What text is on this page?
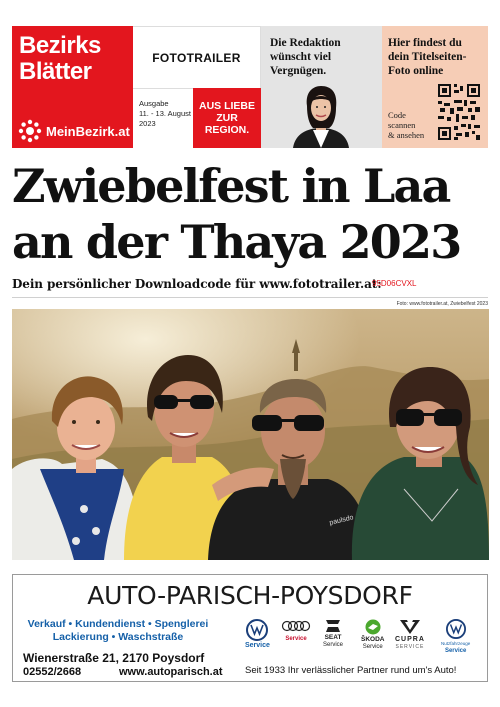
Bezirks
Blätter
MeinBezirk.at
FOTOTRAILER
Ausgabe
11. - 13. August
2023
AUS LIEBE
ZUR
REGION.
Die Redaktion
wünscht viel
Vergnügen.
Hier findest du
dein Titelseiten-
Foto online
Code
scannen
& ansehen
Zwiebelfest in Laa
an der Thaya 2023
Dein persönlicher Downloadcode für www.fototrailer.at:
95D06CVXL
Foto: www.fototrailer.at, Zwiebelfest 2023
paulsdo
AUTO-PARISCH-POYSDORF
Verkauf • Kundendienst • Spenglerei
Lackierung • Waschstraße
Wienerstraße 21, 2170 Poysdorf
02552/2668	www.autoparisch.at Seit 1933 Ihr verlässlicher Partner rund um's Auto!
Service
Service	SEAT
Service
ŠKODA
Service
CUPRA
SERVICE
Nutzfahrzeuge
Service
